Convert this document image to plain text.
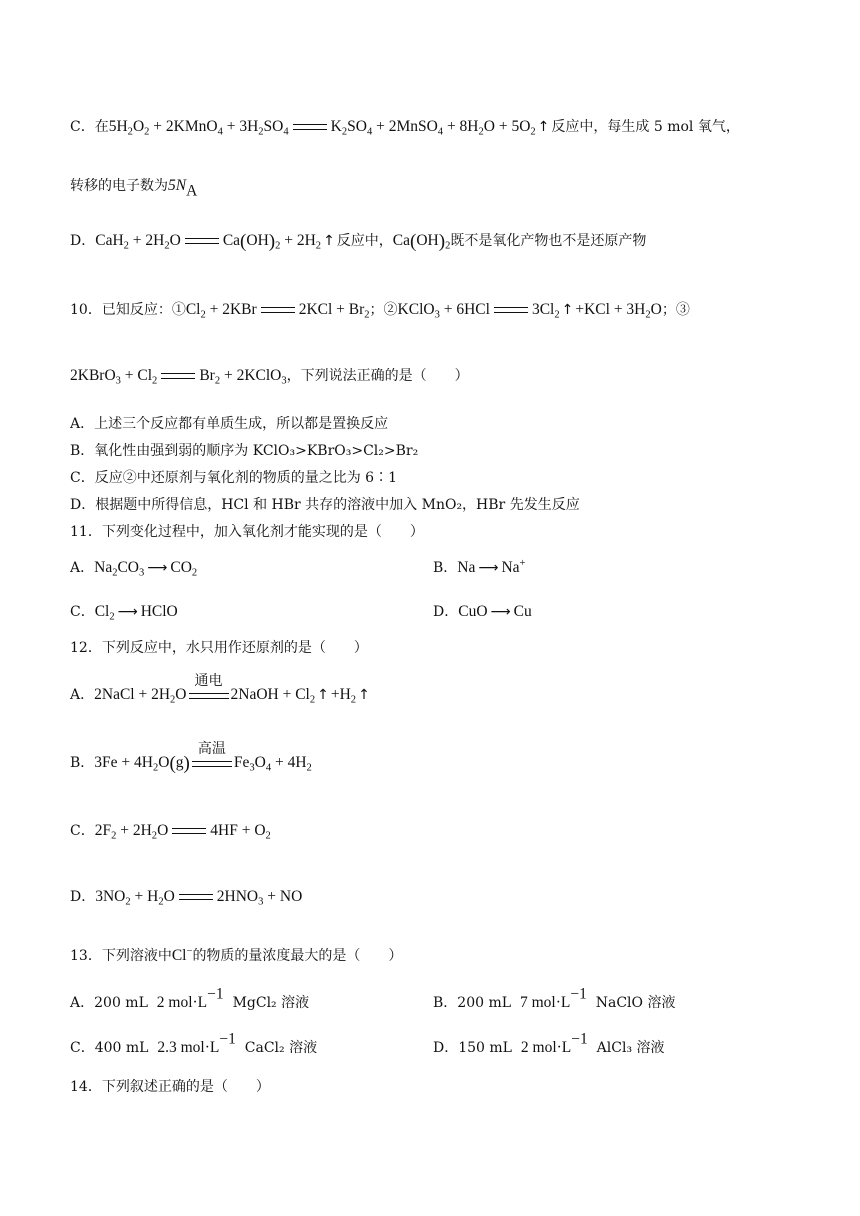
C．在$5H_2O_2$ + 2KMnO$_4$ + $3H_2SO_4$	$K_2SO_4$ + 2MnSO$_4$ + $8H_2O + 5O_2$ ↑ 反应中，每生成 5 mol 氧气，
转移的电子数为$5N_A$
D．$CaH_2 + 2H_2O$	$Ca(OH)_2 + 2H_2$ ↑ 反应中，$Ca(OH)_2$既不是氧化产物也不是还原产物
10．已知反应：$①Cl_2 + 2KBr$	$2KCl + Br_2$；②KClO$_3$ + 6HCl	$3Cl_2$ ↑ $+KCl + 3H_2O$；③
2KBrO$_3$ + $Cl_2$	$Br_2$ + 2KClO$_3$，下列说法正确的是（　　）
A．上述三个反应都有单质生成，所以都是置换反应
B．氧化性由强到弱的顺序为 KClO₃>KBrO₃>Cl₂>Br₂
C．反应②中还原剂与氧化剂的物质的量之比为 6∶1
D．根据题中所得信息，HCl 和 HBr 共存的溶液中加入 MnO₂，HBr 先发生反应
11．下列变化过程中，加入氧化剂才能实现的是（　　）
A．$Na_2CO_3$ ⟶ $CO_2$	B．Na ⟶ Na+
C．$Cl_2$ ⟶ HClO	D．CuO ⟶ Cu
12．下列反应中，水只用作还原剂的是（　　）
A．2NaCl + $2H_2O$
通电
2NaOH + $Cl_2$ ↑ $+H_2$ ↑
B．$3Fe + 4H_2O(g)$
高温
$Fe_3O_4 + 4H_2$
C．$2F_2 + 2H_2O$	$4HF + O_2$
D．$3NO_2 + H_2O$	$2HNO_3$ + NO
13．下列溶液中Cl−的物质的量浓度最大的是（　　）
A．200 mL 2 $mol\cdot L^{-1}$  MgCl₂ 溶液	B．200 mL 7 $mol\cdot L^{-1}$  NaClO 溶液
C．400 mL 2.3 $mol\cdot L^{-1}$  CaCl₂ 溶液	D．150 mL 2 $mol\cdot L^{-1}$  AlCl₃ 溶液
14．下列叙述正确的是（　　）
